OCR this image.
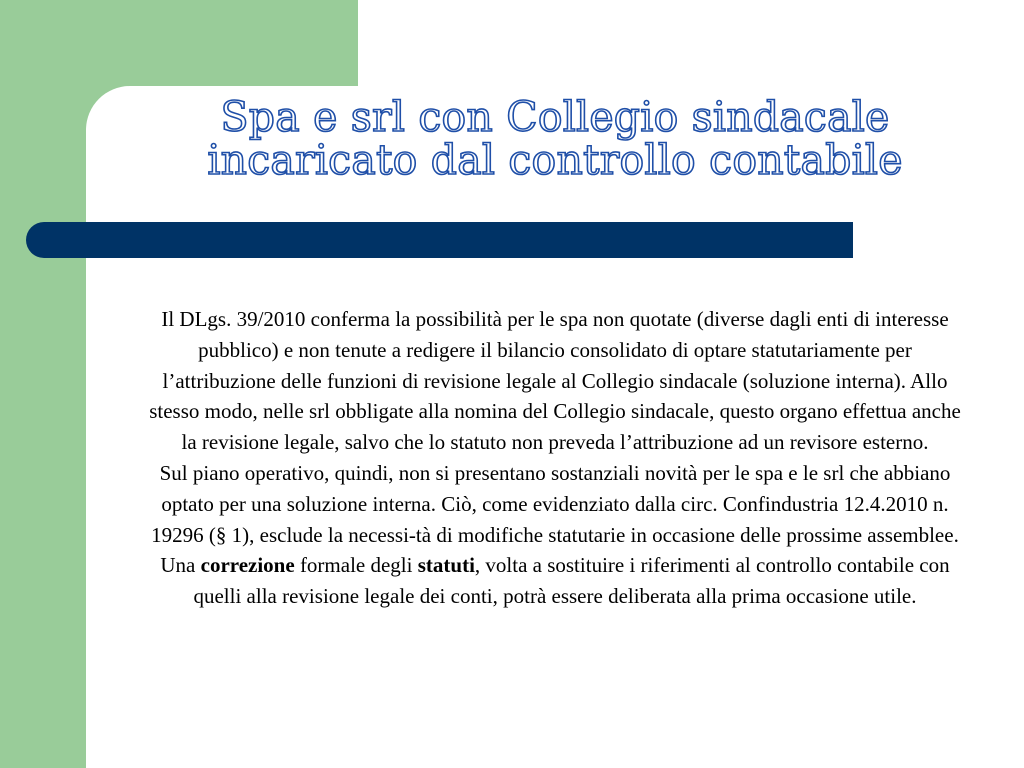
Spa e srl con Collegio sindacale
incaricato dal controllo contabile

Il DLgs. 39/2010 conferma la possibilità per le spa non quotate (diverse dagli enti di interesse pubblico) e non tenute a redigere il bilancio consolidato di optare statutariamente per l’attribuzione delle funzioni di revisione legale al Collegio sindacale (soluzione interna). Allo stesso modo, nelle srl obbligate alla nomina del Collegio sindacale, questo organo effettua anche la revisione legale, salvo che lo statuto non preveda l’attribuzione ad un revisore esterno.

Sul piano operativo, quindi, non si presentano sostanziali novità per le spa e le srl che abbiano optato per una soluzione interna. Ciò, come evidenziato dalla circ. Confindustria 12.4.2010 n. 19296 (§ 1), esclude la necessi-tà di modifiche statutarie in occasione delle prossime assemblee. Una correzione formale degli statuti, volta a sostituire i riferimenti al controllo contabile con quelli alla revisione legale dei conti, potrà essere deliberata alla prima occasione utile.
